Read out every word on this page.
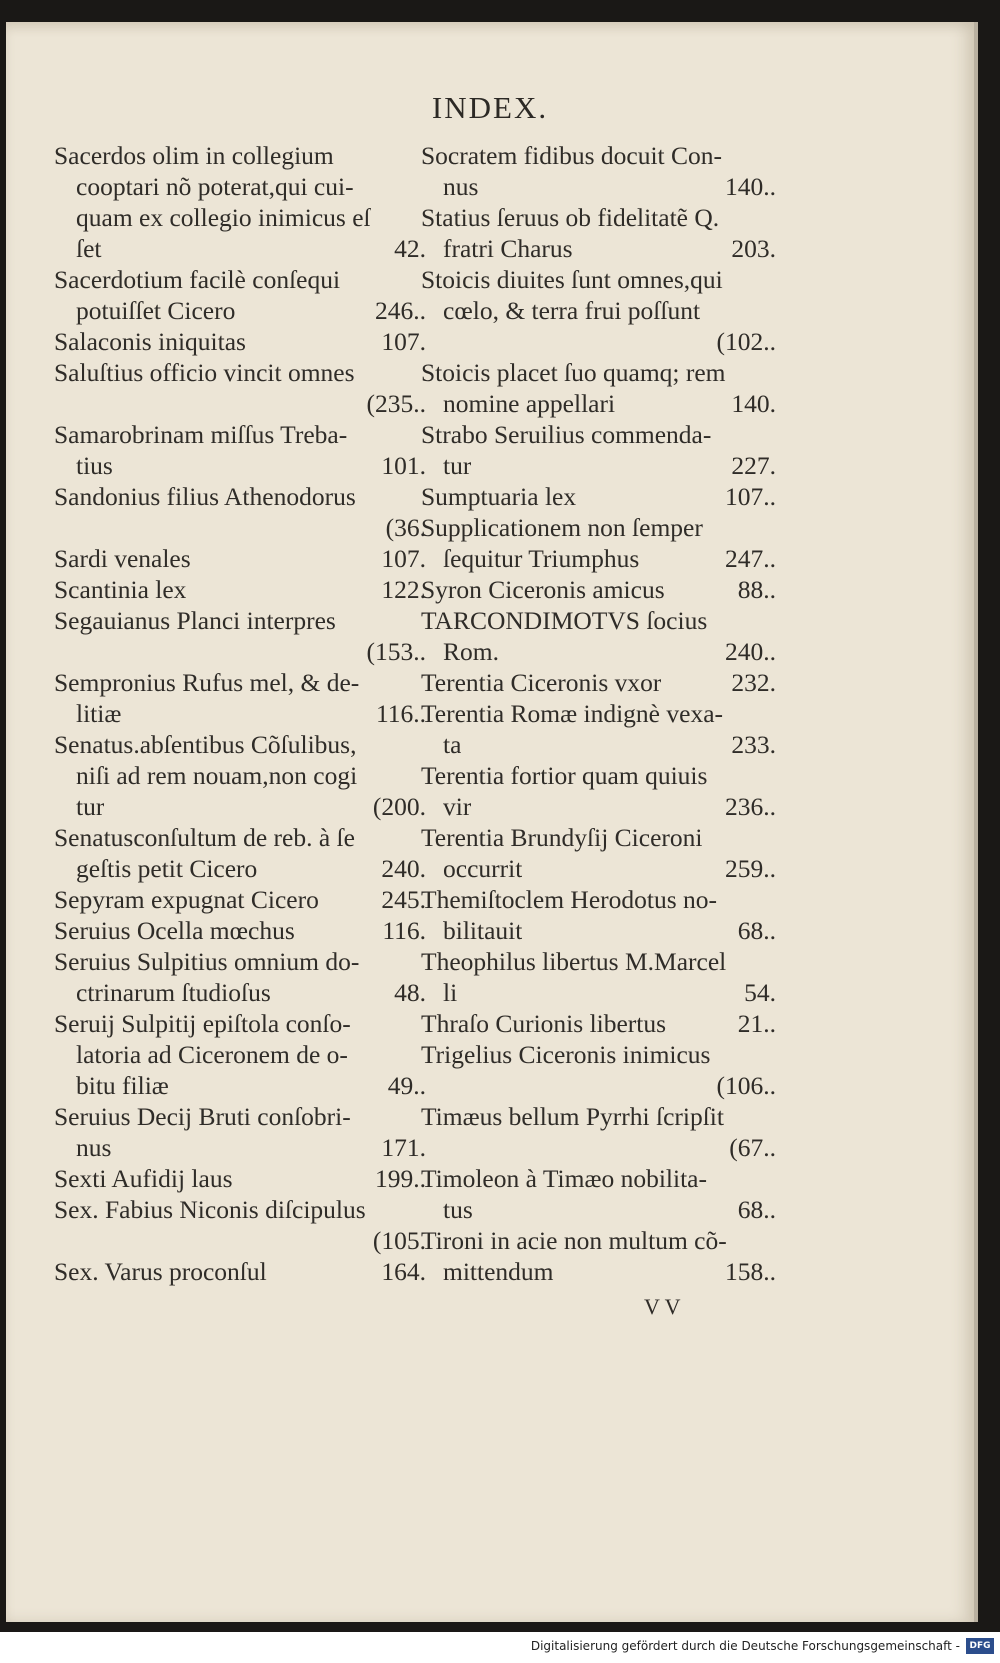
INDEX.
Sacerdos olim in collegium
cooptari nõ poterat,qui cui-
quam ex collegio inimicus eſ
ſet	42.
Sacerdotium facilè conſequi
potuiſſet Cicero	246..
Salaconis iniquitas	107.
Saluſtius officio vincit omnes
(235..
Samarobrinam miſſus Treba-
tius	101.
Sandonius filius Athenodorus
(36.
Sardi venales	107.
Scantinia lex	122.
Segauianus Planci interpres
(153..
Sempronius Rufus mel, & de-
litiæ	116..
Senatus.abſentibus Cõſulibus,
niſi ad rem nouam,non cogi
tur	(200.
Senatusconſultum de reb. à ſe
geſtis petit Cicero	240.
Sepyram expugnat Cicero	245.
Seruius Ocella mœchus	116.
Seruius Sulpitius omnium do-
ctrinarum ſtudioſus	48.
Seruij Sulpitij epiſtola conſo-
latoria ad Ciceronem de o-
bitu filiæ	49..
Seruius Decij Bruti conſobri-
nus	171.
Sexti Aufidij laus	199..
Sex. Fabius Niconis diſcipulus
(105.
Sex. Varus proconſul	164.
Socratem fidibus docuit Con-
nus	140..
Statius ſeruus ob fidelitatẽ Q.
fratri Charus	203.
Stoicis diuites ſunt omnes,qui
cœlo, & terra frui poſſunt
(102..
Stoicis placet ſuo quamq; rem
nomine appellari	140.
Strabo Seruilius commenda-
tur	227.
Sumptuaria lex	107..
Supplicationem non ſemper
ſequitur Triumphus	247..
Syron Ciceronis amicus	88..
TARCONDIMOTVS ſocius
Rom.	240..
Terentia Ciceronis vxor	232.
Terentia Romæ indignè vexa-
ta	233.
Terentia fortior quam quiuis
vir	236..
Terentia Brundyſij Ciceroni
occurrit	259..
Themiſtoclem Herodotus no-
bilitauit	68..
Theophilus libertus M.Marcel
li	54.
Thraſo Curionis libertus	21..
Trigelius Ciceronis inimicus
(106..
Timæus bellum Pyrrhi ſcripſit
(67..
Timoleon à Timæo nobilita-
tus	68..
Tironi in acie non multum cõ-
mittendum	158..
V V
Digitalisierung gefördert durch die Deutsche Forschungsgemeinschaft -	DFG
